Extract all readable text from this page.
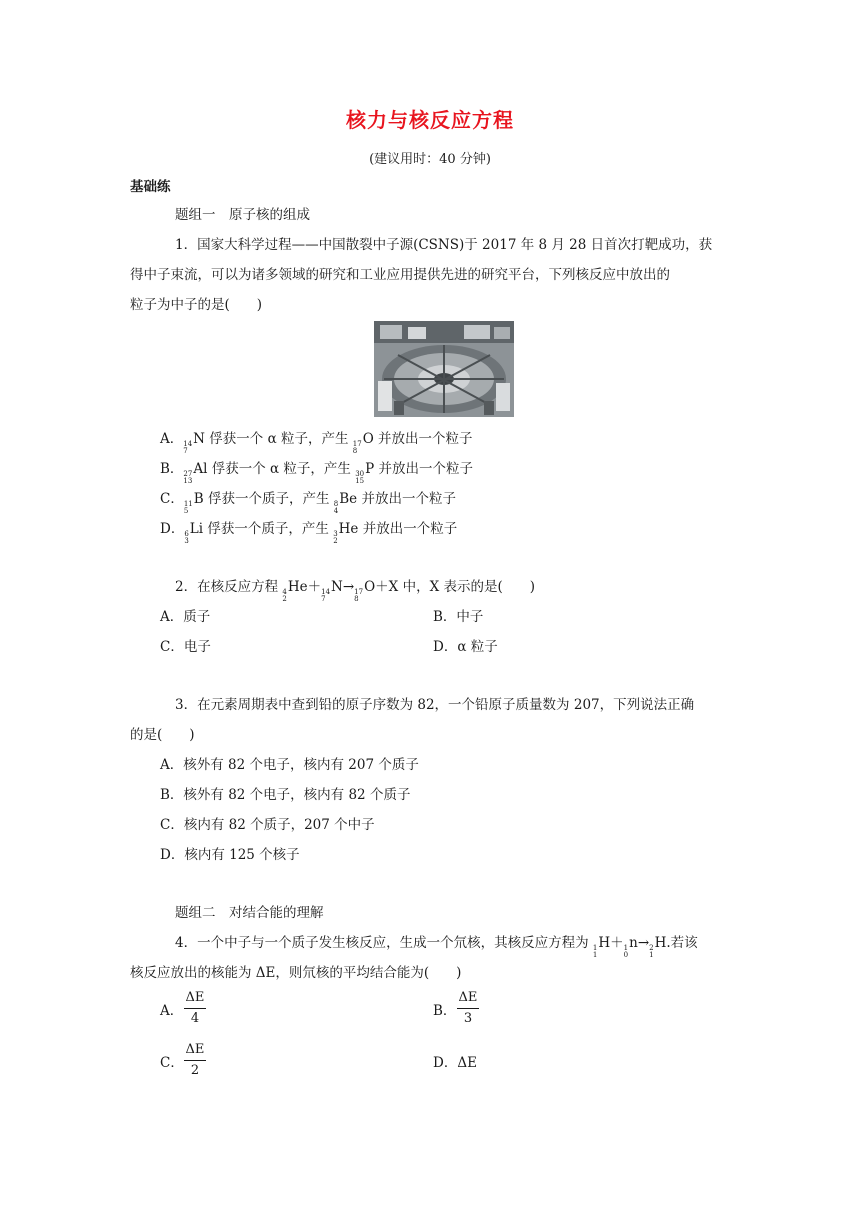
核力与核反应方程
(建议用时：40 分钟)
基础练
题组一　原子核的组成
1．国家大科学过程——中国散裂中子源(CSNS)于 2017 年 8 月 28 日首次打靶成功，获
得中子束流，可以为诸多领域的研究和工业应用提供先进的研究平台，下列核反应中放出的
粒子为中子的是(　　)
A． 14
7
N 俘获一个 α 粒子，产生 17
8
O 并放出一个粒子
B． 27
13
Al 俘获一个 α 粒子，产生 30
15
P 并放出一个粒子
C． 11
5
B 俘获一个质子，产生 8
4
Be 并放出一个粒子
D． 6
3
Li 俘获一个质子，产生 3
2
He 并放出一个粒子
2．在核反应方程 4
2
He＋ 14
7
N→ 17
8
O＋X 中，X 表示的是(　　)
A．质子	B．中子
C．电子	D．α 粒子
3．在元素周期表中查到铅的原子序数为 82，一个铅原子质量数为 207，下列说法正确
的是(　　)
A．核外有 82 个电子，核内有 207 个质子
B．核外有 82 个电子，核内有 82 个质子
C．核内有 82 个质子，207 个中子
D．核内有 125 个核子
题组二　对结合能的理解
4．一个中子与一个质子发生核反应，生成一个氘核，其核反应方程为 1
1
H＋ 1
0
n→ 2
1
H.若该
核反应放出的核能为 ΔE，则氘核的平均结合能为(　　)
A．
ΔE
4	B．
ΔE
3
C．
ΔE
2	D．ΔE
